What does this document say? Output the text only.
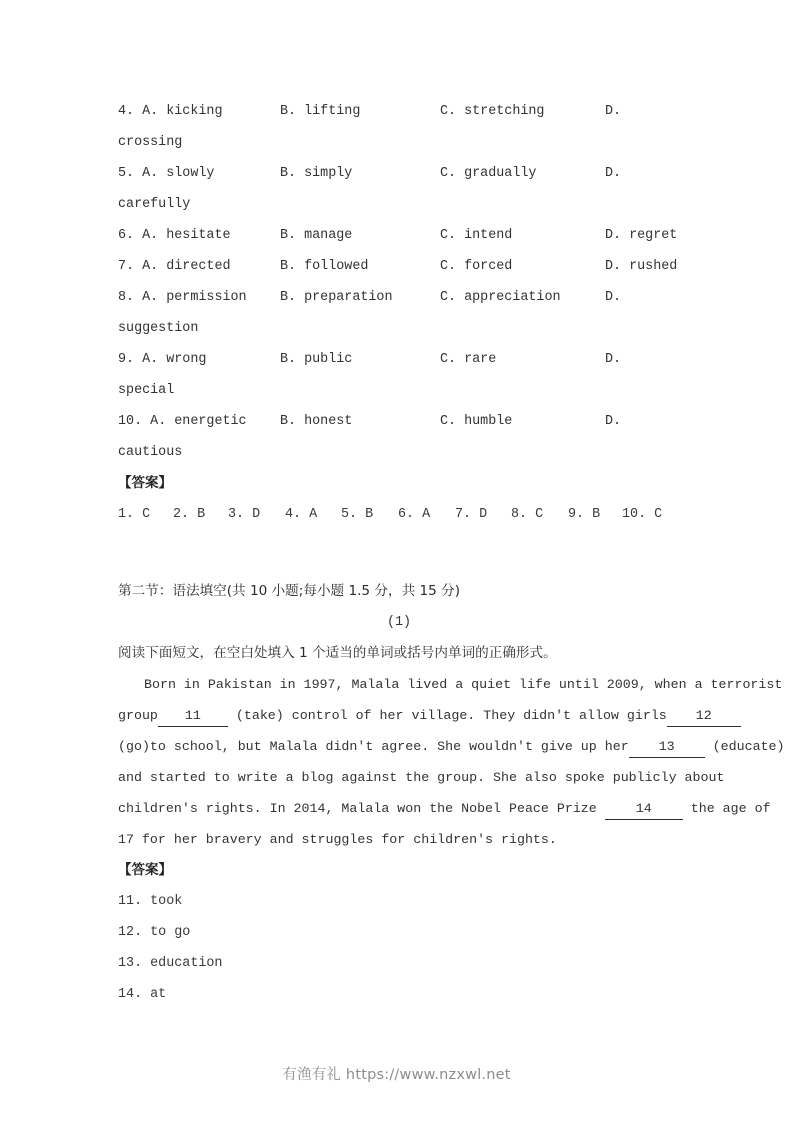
4. A. kicking	B. lifting	C. stretching	D.
crossing
5. A. slowly	B. simply	C. gradually	D.
carefully
6. A. hesitate	B. manage	C. intend	D. regret
7. A. directed	B. followed	C. forced	D. rushed
8. A. permission B. preparation	C. appreciation	D.
suggestion
9. A. wrong	B. public	C. rare	D.
special
10. A. energetic B. honest	C. humble	D.
cautious
【答案】
1. C 2. B 3. D 4. A 5. B 6. A 7. D 8. C 9. B 10. C
第二节：语法填空(共 10 小题;每小题 1.5 分，共 15 分)
(1)
阅读下面短文，在空白处填入 1 个适当的单词或括号内单词的正确形式。
Born in Pakistan in 1997, Malala lived a quiet life until 2009, when a terrorist
group 11	(take) control of her village. They didn't allow girls 12
(go)to school, but Malala didn't agree. She wouldn't give up her 13	(educate)
and started to write a blog against the group. She also spoke publicly about
children's rights. In 2014, Malala won the Nobel Peace Prize	14	the age of
17 for her bravery and struggles for children's rights.
【答案】
11. took
12. to go
13. education
14. at
有渔有礼 https://www.nzxwl.net
